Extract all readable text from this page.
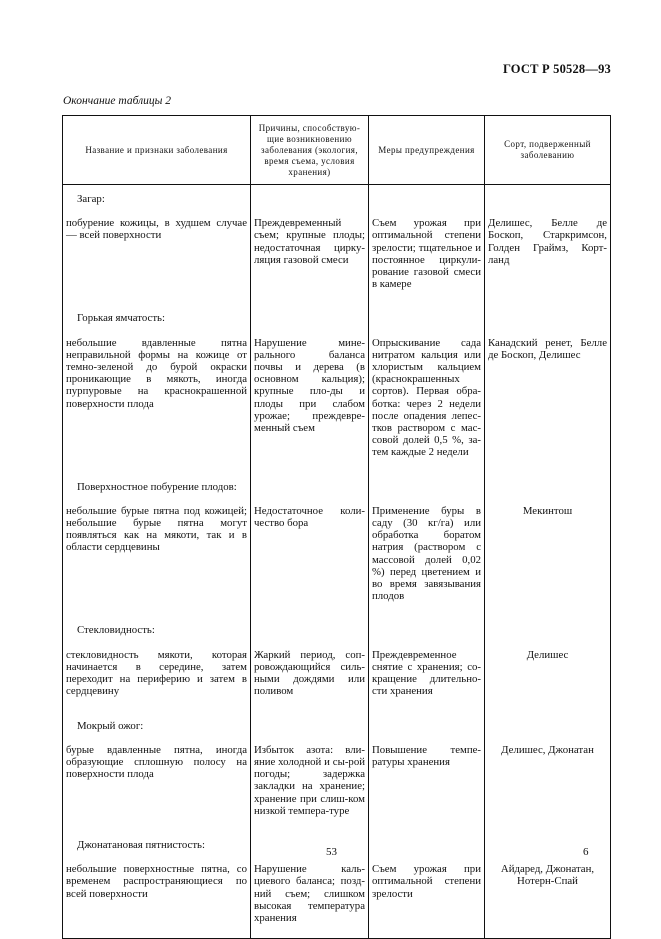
ГОСТ Р 50528—93
Окончание таблицы 2
Название и признаки заболевания	Причины, способствую-щие возникновению заболевания (экология, время съема, условия хранения)	Меры предупреждения	Сорт, подверженный заболеванию
Загар:			
побурение кожицы, в худшем случае — всей поверхности	Преждевременный съем; крупные плоды; недостаточная цирку-ляция газовой смеси	Съем урожая при оптимальной степени зрелости; тщательное и постоянное циркули-рование газовой смеси в камере	Делишес, Белле де Боскоп, Старкримсон, Голден Граймз, Корт-ланд
Горькая ямчатость:			
небольшие вдавленные пятна неправильной формы на кожице от темно-зеленой до бурой окраски проникающие в мякоть, иногда пурпуровые на краснокрашенной поверхности плода	Нарушение мине-рального баланса почвы и дерева (в основном кальция); крупные пло-ды и плоды при слабом урожае; преждевре-менный съем	Опрыскивание сада нитратом кальция или хлористым кальцием (краснокрашенных сортов). Первая обра-ботка: через 2 недели после опадения лепес-тков раствором с мас-совой долей 0,5 %, за-тем каждые 2 недели	Канадский ренет, Белле де Боскоп, Делишес
Поверхностное побурение плодов:			
небольшие бурые пятна под кожицей; небольшие бурые пятна могут появляться как на мякоти, так и в области сердцевины	Недостаточное коли-чество бора	Применение буры в саду (30 кг/га) или обработка боратом натрия (раствором с массовой долей 0,02 %) перед цветением и во время завязывания плодов	Мекинтош
Стекловидность:			
стекловидность мякоти, которая начинается в середине, затем переходит на периферию и затем в сердцевину	Жаркий период, соп-ровождающийся силь-ными дождями или поливом	Преждевременное снятие с хранения; со-кращение длительно-сти хранения	Делишес
Мокрый ожог:			
бурые вдавленные пятна, иногда образующие сплошную полосу на поверхности плода	Избыток азота: вли-яние холодной и сы-рой погоды; задержка закладки на хранение; хранение при слиш-ком низкой темпера-туре	Повышение темпе-ратуры хранения	Делишес, Джонатан
Джонатановая пятнистость:			
небольшие поверхностные пятна, со временем распространяющиеся по всей поверхности	Нарушение каль-циевого баланса; позд-ний съем; слишком высокая температура хранения	Съем урожая при оптимальной степени зрелости	Айдаред, Джонатан, Нотерн-Спай
53	6
